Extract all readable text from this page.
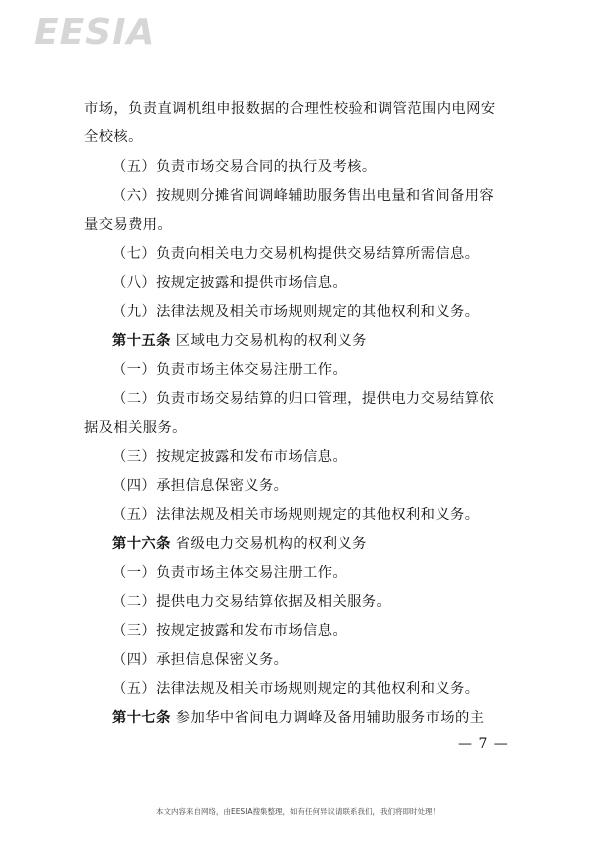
EESIA
市场，负责直调机组申报数据的合理性校验和调管范围内电网安
全校核。
（五）负责市场交易合同的执行及考核。
（六）按规则分摊省间调峰辅助服务售出电量和省间备用容
量交易费用。
（七）负责向相关电力交易机构提供交易结算所需信息。
（八）按规定披露和提供市场信息。
（九）法律法规及相关市场规则规定的其他权利和义务。
第十五条 区域电力交易机构的权利义务
（一）负责市场主体交易注册工作。
（二）负责市场交易结算的归口管理，提供电力交易结算依
据及相关服务。
（三）按规定披露和发布市场信息。
（四）承担信息保密义务。
（五）法律法规及相关市场规则规定的其他权利和义务。
第十六条 省级电力交易机构的权利义务
（一）负责市场主体交易注册工作。
（二）提供电力交易结算依据及相关服务。
（三）按规定披露和发布市场信息。
（四）承担信息保密义务。
（五）法律法规及相关市场规则规定的其他权利和义务。
第十七条 参加华中省间电力调峰及备用辅助服务市场的主
— 7 —
本文内容来自网络，由EESIA搜集整理，如有任何异议请联系我们，我们将即时处理！
